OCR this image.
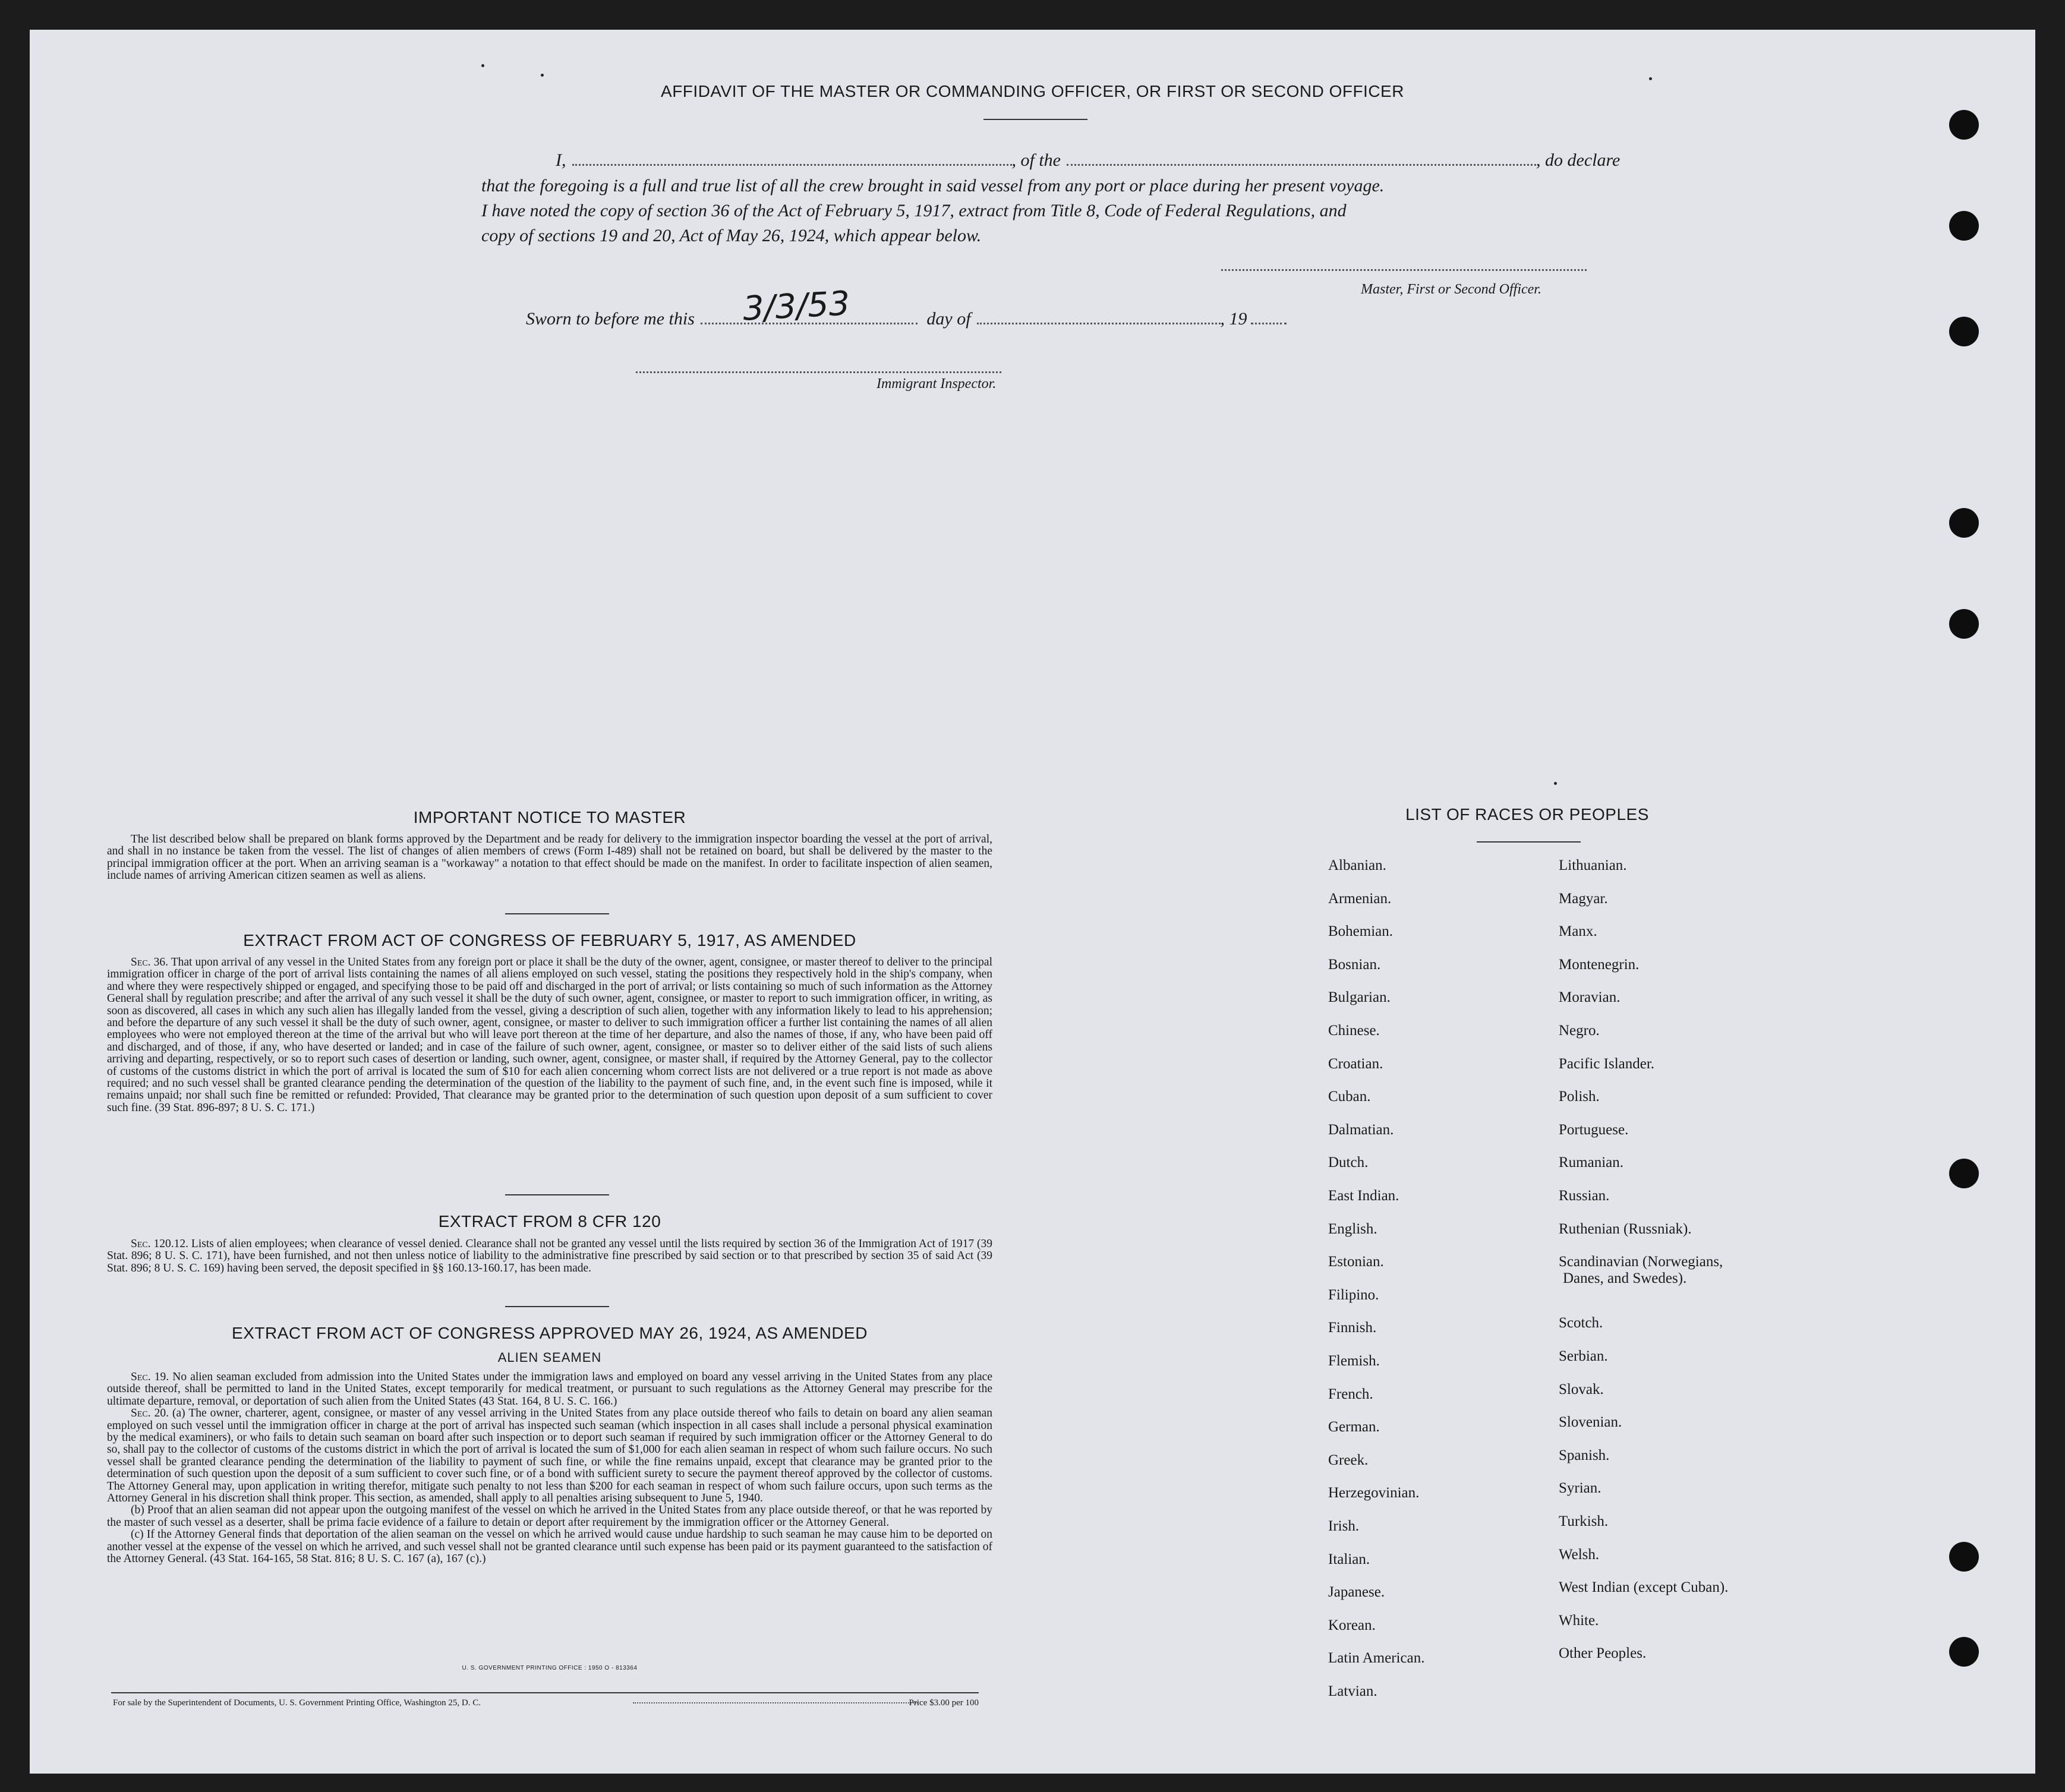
AFFIDAVIT OF THE MASTER OR COMMANDING OFFICER, OR FIRST OR SECOND OFFICER
I,	, of the	, do declare
that the foregoing is a full and true list of all the crew brought in said vessel from any port or place during her present voyage.
I have noted the copy of section 36 of the Act of February 5, 1917, extract from Title 8, Code of Federal Regulations, and
copy of sections 19 and 20, Act of May 26, 1924, which appear below.
Master, First or Second Officer.
Sworn to before me this	day of	, 19
3/3/53
Immigrant Inspector.
IMPORTANT NOTICE TO MASTER

The list described below shall be prepared on blank forms approved by the Department and be ready for delivery to the immigration inspector boarding the vessel at the port of arrival, and shall in no instance be taken from the vessel. The list of changes of alien members of crews (Form I-489) shall not be retained on board, but shall be delivered by the master to the principal immigration officer at the port. When an arriving seaman is a "workaway" a notation to that effect should be made on the manifest. In order to facilitate inspection of alien seamen, include names of arriving American citizen seamen as well as aliens.

EXTRACT FROM ACT OF CONGRESS OF FEBRUARY 5, 1917, AS AMENDED

Sec. 36. That upon arrival of any vessel in the United States from any foreign port or place it shall be the duty of the owner, agent, consignee, or master thereof to deliver to the principal immigration officer in charge of the port of arrival lists containing the names of all aliens employed on such vessel, stating the positions they respectively hold in the ship's company, when and where they were respectively shipped or engaged, and specifying those to be paid off and discharged in the port of arrival; or lists containing so much of such information as the Attorney General shall by regulation prescribe; and after the arrival of any such vessel it shall be the duty of such owner, agent, consignee, or master to report to such immigration officer, in writing, as soon as discovered, all cases in which any such alien has illegally landed from the vessel, giving a description of such alien, together with any information likely to lead to his apprehension; and before the departure of any such vessel it shall be the duty of such owner, agent, consignee, or master to deliver to such immigration officer a further list containing the names of all alien employees who were not employed thereon at the time of the arrival but who will leave port thereon at the time of her departure, and also the names of those, if any, who have been paid off and discharged, and of those, if any, who have deserted or landed; and in case of the failure of such owner, agent, consignee, or master so to deliver either of the said lists of such aliens arriving and departing, respectively, or so to report such cases of desertion or landing, such owner, agent, consignee, or master shall, if required by the Attorney General, pay to the collector of customs of the customs district in which the port of arrival is located the sum of $10 for each alien concerning whom correct lists are not delivered or a true report is not made as above required; and no such vessel shall be granted clearance pending the determination of the question of the liability to the payment of such fine, and, in the event such fine is imposed, while it remains unpaid; nor shall such fine be remitted or refunded: Provided, That clearance may be granted prior to the determination of such question upon deposit of a sum sufficient to cover such fine. (39 Stat. 896-897; 8 U. S. C. 171.)

EXTRACT FROM 8 CFR 120

Sec. 120.12. Lists of alien employees; when clearance of vessel denied. Clearance shall not be granted any vessel until the lists required by section 36 of the Immigration Act of 1917 (39 Stat. 896; 8 U. S. C. 171), have been furnished, and not then unless notice of liability to the administrative fine prescribed by said section or to that prescribed by section 35 of said Act (39 Stat. 896; 8 U. S. C. 169) having been served, the deposit specified in §§ 160.13-160.17, has been made.

EXTRACT FROM ACT OF CONGRESS APPROVED MAY 26, 1924, AS AMENDED
ALIEN SEAMEN

Sec. 19. No alien seaman excluded from admission into the United States under the immigration laws and employed on board any vessel arriving in the United States from any place outside thereof, shall be permitted to land in the United States, except temporarily for medical treatment, or pursuant to such regulations as the Attorney General may prescribe for the ultimate departure, removal, or deportation of such alien from the United States (43 Stat. 164, 8 U. S. C. 166.)

Sec. 20. (a) The owner, charterer, agent, consignee, or master of any vessel arriving in the United States from any place outside thereof who fails to detain on board any alien seaman employed on such vessel until the immigration officer in charge at the port of arrival has inspected such seaman (which inspection in all cases shall include a personal physical examination by the medical examiners), or who fails to detain such seaman on board after such inspection or to deport such seaman if required by such immigration officer or the Attorney General to do so, shall pay to the collector of customs of the customs district in which the port of arrival is located the sum of $1,000 for each alien seaman in respect of whom such failure occurs. No such vessel shall be granted clearance pending the determination of the liability to payment of such fine, or while the fine remains unpaid, except that clearance may be granted prior to the determination of such question upon the deposit of a sum sufficient to cover such fine, or of a bond with sufficient surety to secure the payment thereof approved by the collector of customs. The Attorney General may, upon application in writing therefor, mitigate such penalty to not less than $200 for each seaman in respect of whom such failure occurs, upon such terms as the Attorney General in his discretion shall think proper. This section, as amended, shall apply to all penalties arising subsequent to June 5, 1940.

(b) Proof that an alien seaman did not appear upon the outgoing manifest of the vessel on which he arrived in the United States from any place outside thereof, or that he was reported by the master of such vessel as a deserter, shall be prima facie evidence of a failure to detain or deport after requirement by the immigration officer or the Attorney General.

(c) If the Attorney General finds that deportation of the alien seaman on the vessel on which he arrived would cause undue hardship to such seaman he may cause him to be deported on another vessel at the expense of the vessel on which he arrived, and such vessel shall not be granted clearance until such expense has been paid or its payment guaranteed to the satisfaction of the Attorney General. (43 Stat. 164-165, 58 Stat. 816; 8 U. S. C. 167 (a), 167 (c).)

U. S. GOVERNMENT PRINTING OFFICE : 1950 O - 813364
For sale by the Superintendent of Documents, U. S. Government Printing Office, Washington 25, D. C.	Price $3.00 per 100
LIST OF RACES OR PEOPLES
Albanian.
Armenian.
Bohemian.
Bosnian.
Bulgarian.
Chinese.
Croatian.
Cuban.
Dalmatian.
Dutch.
East Indian.
English.
Estonian.
Filipino.
Finnish.
Flemish.
French.
German.
Greek.
Herzegovinian.
Irish.
Italian.
Japanese.
Korean.
Latin American.
Latvian.
Lithuanian.
Magyar.
Manx.
Montenegrin.
Moravian.
Negro.
Pacific Islander.
Polish.
Portuguese.
Rumanian.
Russian.
Ruthenian (Russniak).
Scandinavian (Norwegians,
Danes, and Swedes).
Scotch.
Serbian.
Slovak.
Slovenian.
Spanish.
Syrian.
Turkish.
Welsh.
West Indian (except Cuban).
White.
Other Peoples.
